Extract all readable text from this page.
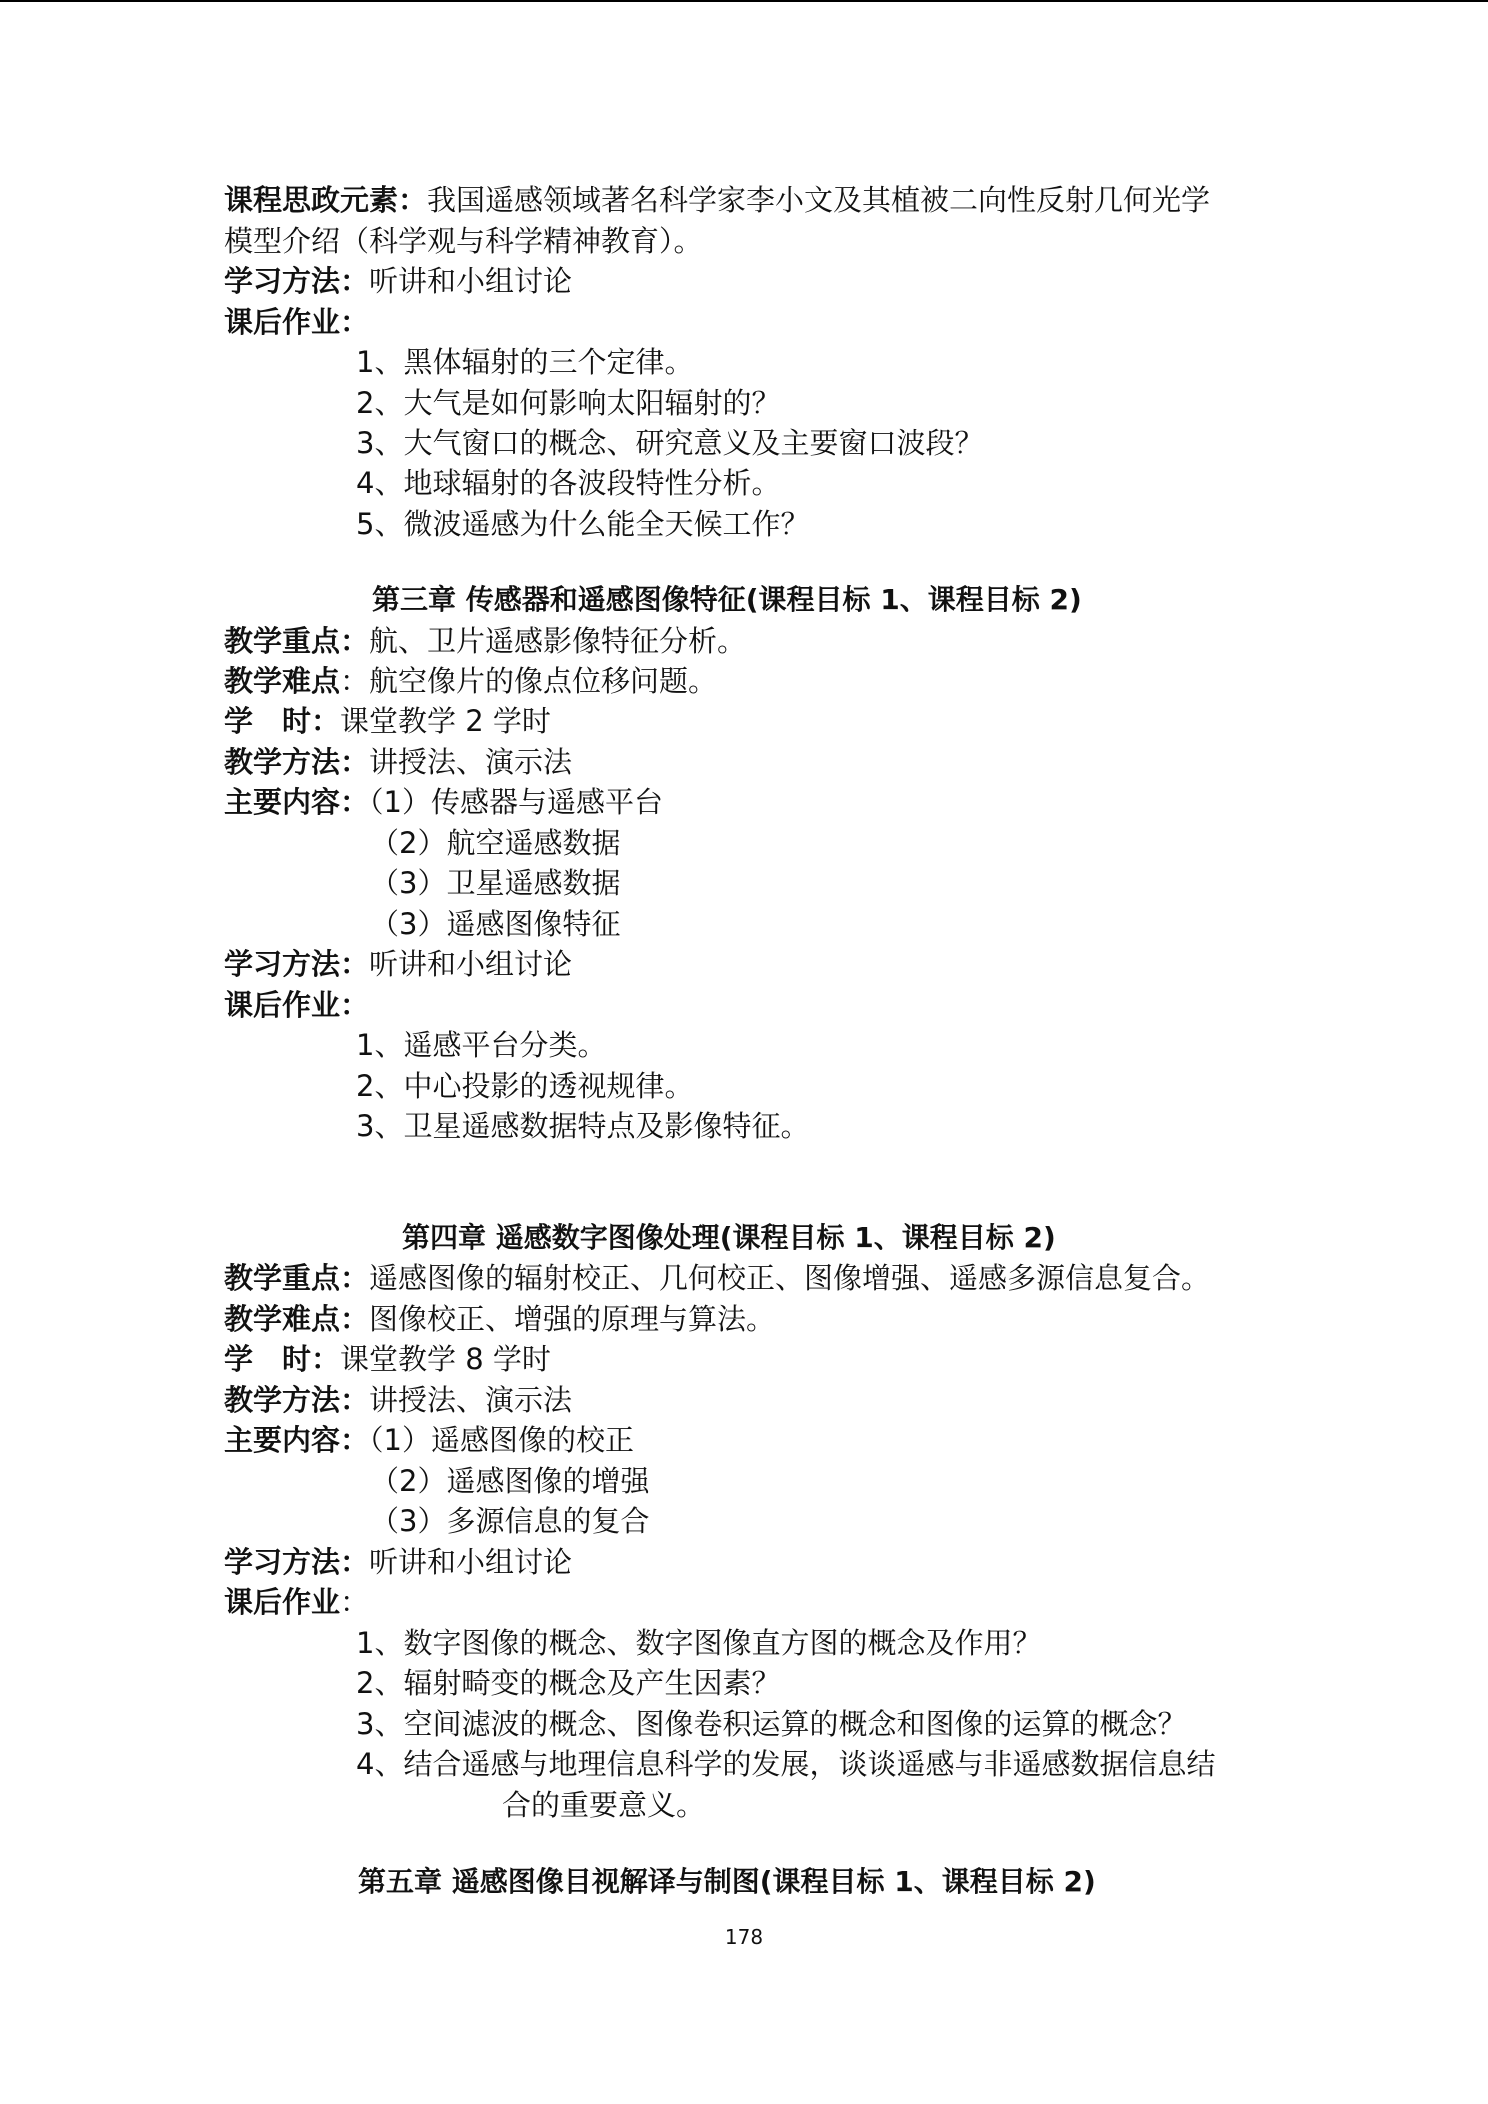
课程思政元素：我国遥感领域著名科学家李小文及其植被二向性反射几何光学
模型介绍（科学观与科学精神教育）。
学习方法：听讲和小组讨论
课后作业：
1、黑体辐射的三个定律。
2、大气是如何影响太阳辐射的？
3、大气窗口的概念、研究意义及主要窗口波段？
4、地球辐射的各波段特性分析。
5、微波遥感为什么能全天候工作？
第三章 传感器和遥感图像特征(课程目标 1、课程目标 2)
教学重点：航、卫片遥感影像特征分析。
教学难点：航空像片的像点位移问题。
学　时：课堂教学 2 学时
教学方法：讲授法、演示法
主要内容：（1）传感器与遥感平台
（2）航空遥感数据
（3）卫星遥感数据
（3）遥感图像特征
学习方法：听讲和小组讨论
课后作业：
1、遥感平台分类。
2、中心投影的透视规律。
3、卫星遥感数据特点及影像特征。
第四章 遥感数字图像处理(课程目标 1、课程目标 2)
教学重点：遥感图像的辐射校正、几何校正、图像增强、遥感多源信息复合。
教学难点：图像校正、增强的原理与算法。
学　时：课堂教学 8 学时
教学方法：讲授法、演示法
主要内容：（1）遥感图像的校正
（2）遥感图像的增强
（3）多源信息的复合
学习方法：听讲和小组讨论
课后作业：
1、数字图像的概念、数字图像直方图的概念及作用？
2、辐射畸变的概念及产生因素？
3、空间滤波的概念、图像卷积运算的概念和图像的运算的概念？
4、结合遥感与地理信息科学的发展，谈谈遥感与非遥感数据信息结
合的重要意义。
第五章 遥感图像目视解译与制图(课程目标 1、课程目标 2)
178
